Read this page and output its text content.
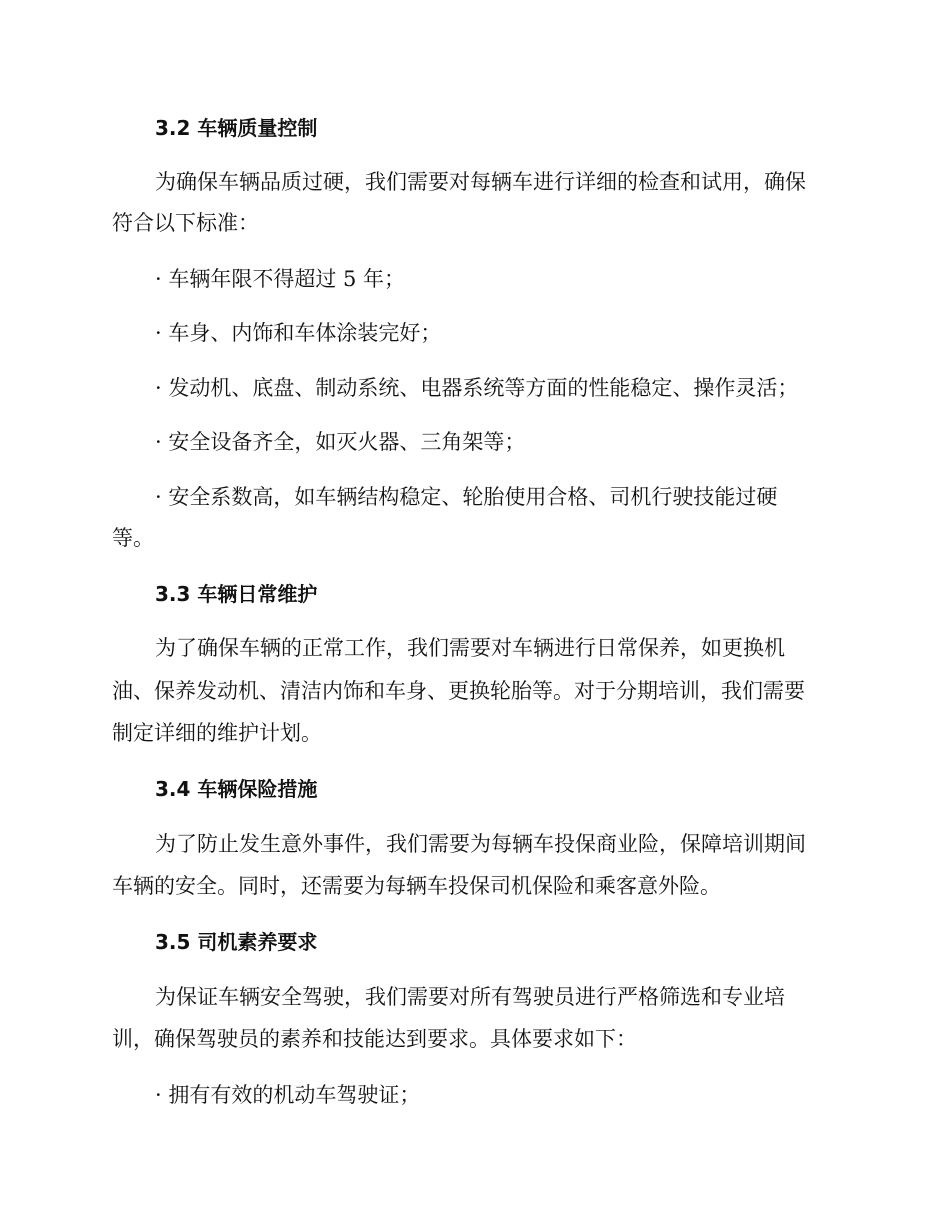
3.2 车辆质量控制
为确保车辆品质过硬，我们需要对每辆车进行详细的检查和试用，确保
符合以下标准：
· 车辆年限不得超过 5 年；
· 车身、内饰和车体涂装完好；
· 发动机、底盘、制动系统、电器系统等方面的性能稳定、操作灵活；
· 安全设备齐全，如灭火器、三角架等；
· 安全系数高，如车辆结构稳定、轮胎使用合格、司机行驶技能过硬
等。
3.3 车辆日常维护
为了确保车辆的正常工作，我们需要对车辆进行日常保养，如更换机
油、保养发动机、清洁内饰和车身、更换轮胎等。对于分期培训，我们需要
制定详细的维护计划。
3.4 车辆保险措施
为了防止发生意外事件，我们需要为每辆车投保商业险，保障培训期间
车辆的安全。同时，还需要为每辆车投保司机保险和乘客意外险。
3.5 司机素养要求
为保证车辆安全驾驶，我们需要对所有驾驶员进行严格筛选和专业培
训，确保驾驶员的素养和技能达到要求。具体要求如下：
· 拥有有效的机动车驾驶证；
